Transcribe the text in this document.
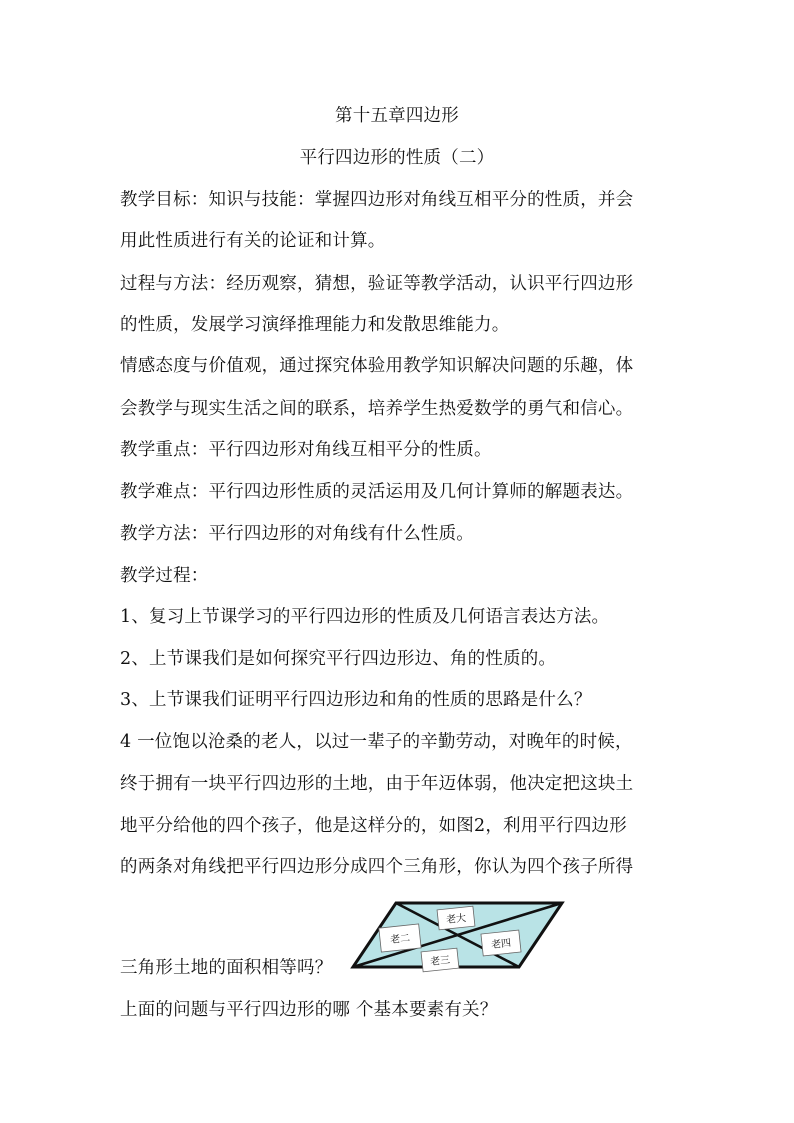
第十五章四边形
平行四边形的性质（二）
教学目标：知识与技能：掌握四边形对角线互相平分的性质，并会
用此性质进行有关的论证和计算。
过程与方法：经历观察，猜想，验证等教学活动，认识平行四边形
的性质，发展学习演绎推理能力和发散思维能力。
情感态度与价值观，通过探究体验用教学知识解决问题的乐趣，体
会教学与现实生活之间的联系，培养学生热爱数学的勇气和信心。
教学重点：平行四边形对角线互相平分的性质。
教学难点：平行四边形性质的灵活运用及几何计算师的解题表达。
教学方法：平行四边形的对角线有什么性质。
教学过程：
1、复习上节课学习的平行四边形的性质及几何语言表达方法。
2、上节课我们是如何探究平行四边形边、角的性质的。
3、上节课我们证明平行四边形边和角的性质的思路是什么？
4 一位饱以沧桑的老人，以过一辈子的辛勤劳动，对晚年的时候，
终于拥有一块平行四边形的土地，由于年迈体弱，他决定把这块土
地平分给他的四个孩子，他是这样分的，如图2，利用平行四边形
的两条对角线把平行四边形分成四个三角形，你认为四个孩子所得
三角形土地的面积相等吗？
上面的问题与平行四边形的哪 个基本要素有关？
老大
老二	老四
老三
